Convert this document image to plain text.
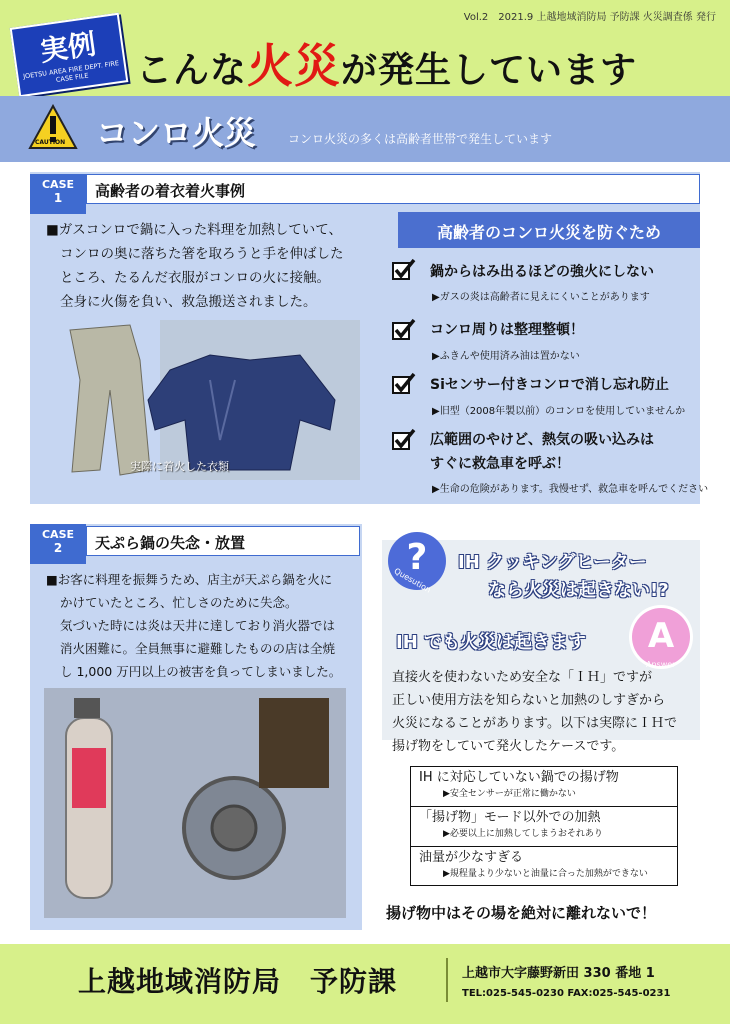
Vol.2　2021.9 上越地域消防局 予防課 火災調査係 発行
実例
JOETSU AREA FIRE DEPT. FIRE CASE FILE	こんな火災が発生しています
CAUTION コンロ火災	コンロ火災の多くは高齢者世帯で発生しています
CASE
1	高齢者の着衣着火事例
■ガスコンロで鍋に入った料理を加熱していて、
コンロの奥に落ちた箸を取ろうと手を伸ばした
ところ、たるんだ衣服がコンロの火に接触。
全身に火傷を負い、救急搬送されました。
実際に着火した衣類
高齢者のコンロ火災を防ぐため
鍋からはみ出るほどの強火にしない
▶ガスの炎は高齢者に見えにくいことがあります
コンロ周りは整理整頓！
▶ふきんや使用済み油は置かない
Siセンサー付きコンロで消し忘れ防止
▶旧型（2008年製以前）のコンロを使用していませんか
広範囲のやけど、熱気の吸い込みは
すぐに救急車を呼ぶ！
▶生命の危険があります。我慢せず、救急車を呼んでください
CASE
2	天ぷら鍋の失念・放置
■お客に料理を振舞うため、店主が天ぷら鍋を火に
かけていたところ、忙しさのために失念。
気づいた時には炎は天井に達しており消火器では
消火困難に。全員無事に避難したものの店は全焼
し 1,000 万円以上の被害を負ってしまいました。
?
Quesution
IH クッキングヒーター
なら火災は起きない!?
IH でも火災は起きます	A
Answer
直接火を使わないため安全な「ＩＨ」ですが
正しい使用方法を知らないと加熱のしすぎから
火災になることがあります。以下は実際にＩＨで
揚げ物をしていて発火したケースです。
IH に対応していない鍋での揚げ物
▶安全センサーが正常に働かない
「揚げ物」モード以外での加熱
▶必要以上に加熱してしまうおそれあり
油量が少なすぎる
▶規程量より少ないと油量に合った加熱ができない
揚げ物中はその場を絶対に離れないで！
上越地域消防局　予防課	上越市大字藤野新田 330 番地 1
TEL:025-545-0230 FAX:025-545-0231
